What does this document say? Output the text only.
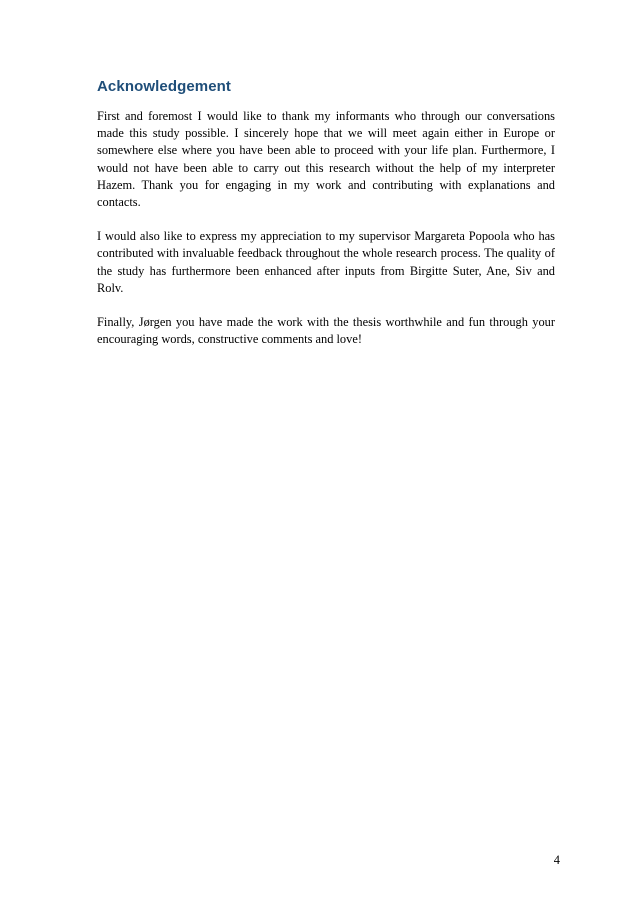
Acknowledgement

First and foremost I would like to thank my informants who through our conversations made this study possible. I sincerely hope that we will meet again either in Europe or somewhere else where you have been able to proceed with your life plan. Furthermore, I would not have been able to carry out this research without the help of my interpreter Hazem. Thank you for engaging in my work and contributing with explanations and contacts.

I would also like to express my appreciation to my supervisor Margareta Popoola who has contributed with invaluable feedback throughout the whole research process. The quality of the study has furthermore been enhanced after inputs from Birgitte Suter, Ane, Siv and Rolv.

Finally, Jørgen you have made the work with the thesis worthwhile and fun through your encouraging words, constructive comments and love!

4
